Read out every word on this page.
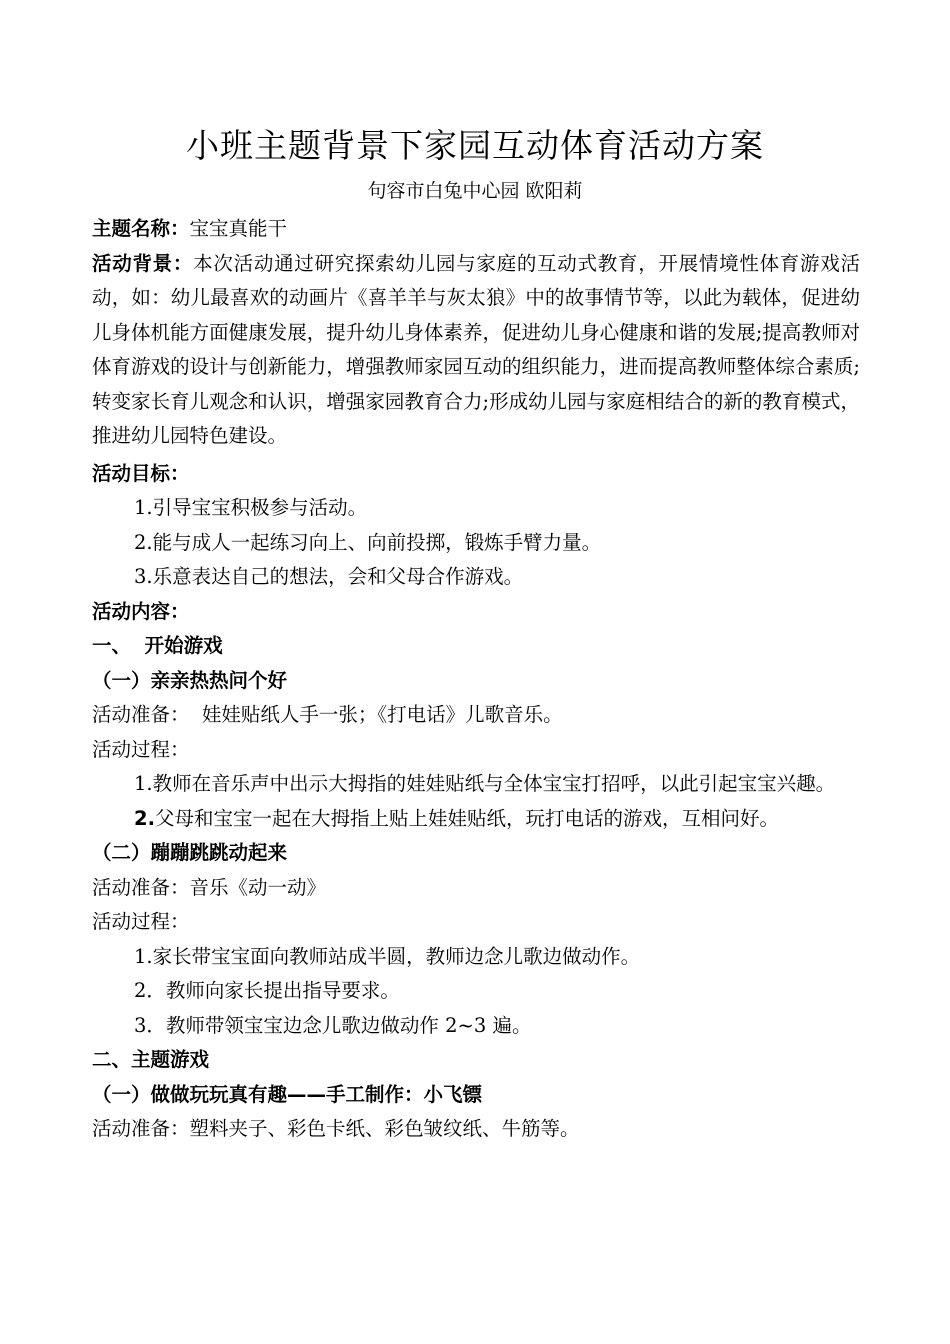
小班主题背景下家园互动体育活动方案
句容市白兔中心园 欧阳莉

主题名称：宝宝真能干

活动背景：本次活动通过研究探索幼儿园与家庭的互动式教育，开展情境性体育游戏活动，如：幼儿最喜欢的动画片《喜羊羊与灰太狼》中的故事情节等，以此为载体，促进幼儿身体机能方面健康发展，提升幼儿身体素养，促进幼儿身心健康和谐的发展;提高教师对体育游戏的设计与创新能力，增强教师家园互动的组织能力，进而提高教师整体综合素质;转变家长育儿观念和认识，增强家园教育合力;形成幼儿园与家庭相结合的新的教育模式，推进幼儿园特色建设。

活动目标：

1.引导宝宝积极参与活动。

2.能与成人一起练习向上、向前投掷，锻炼手臂力量。

3.乐意表达自己的想法，会和父母合作游戏。

活动内容：

一、  开始游戏

（一）亲亲热热问个好

活动准备：  娃娃贴纸人手一张；《打电话》儿歌音乐。

活动过程：

1.教师在音乐声中出示大拇指的娃娃贴纸与全体宝宝打招呼，以此引起宝宝兴趣。

2.父母和宝宝一起在大拇指上贴上娃娃贴纸，玩打电话的游戏，互相问好。

（二）蹦蹦跳跳动起来

活动准备：音乐《动一动》

活动过程：

1.家长带宝宝面向教师站成半圆，教师边念儿歌边做动作。

2．教师向家长提出指导要求。

3．教师带领宝宝边念儿歌边做动作 2~3 遍。

二、主题游戏

（一）做做玩玩真有趣——手工制作：小飞镖

活动准备：塑料夹子、彩色卡纸、彩色皱纹纸、牛筋等。
